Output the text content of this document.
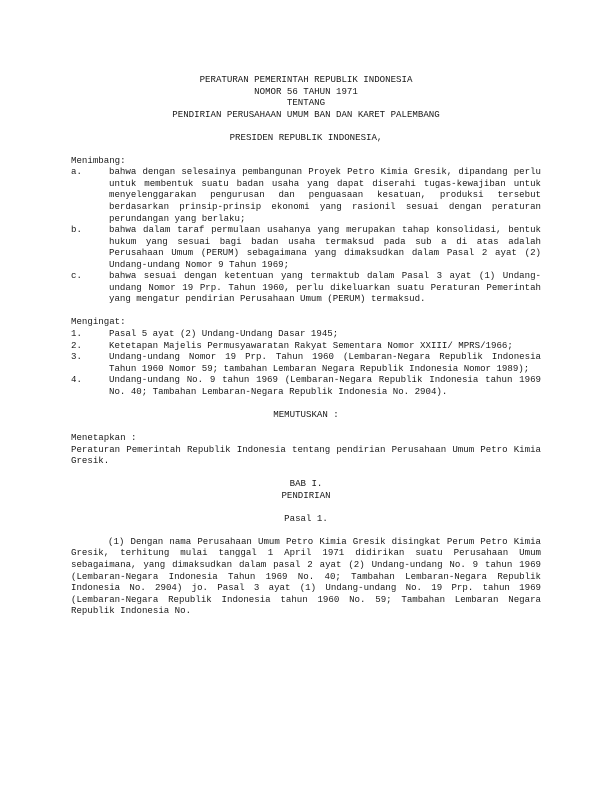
PERATURAN PEMERINTAH REPUBLIK INDONESIA
NOMOR 56 TAHUN 1971
TENTANG
PENDIRIAN PERUSAHAAN UMUM BAN DAN KARET PALEMBANG
PRESIDEN REPUBLIK INDONESIA,
Menimbang:
a.	bahwa dengan selesainya pembangunan Proyek Petro Kimia Gresik, dipandang perlu untuk membentuk suatu badan usaha yang dapat diserahi tugas-kewajiban untuk menyelenggarakan pengurusan dan penguasaan kesatuan, produksi tersebut berdasarkan prinsip-prinsip ekonomi yang rasionil sesuai dengan peraturan perundangan yang berlaku;
b.	bahwa dalam taraf permulaan usahanya yang merupakan tahap konsolidasi, bentuk hukum yang sesuai bagi badan usaha termaksud pada sub a di atas adalah Perusahaan Umum (PERUM) sebagaimana yang dimaksudkan dalam Pasal 2 ayat (2) Undang-undang Nomor 9 Tahun 1969;
c.	bahwa sesuai dengan ketentuan yang termaktub dalam Pasal 3 ayat (1) Undang-undang Nomor 19 Prp. Tahun 1960, perlu dikeluarkan suatu Peraturan Pemerintah yang mengatur pendirian Perusahaan Umum (PERUM) termaksud.
Mengingat:
1.	Pasal 5 ayat (2) Undang-Undang Dasar 1945;
2.	Ketetapan Majelis Permusyawaratan Rakyat Sementara Nomor XXIII/ MPRS/1966;
3.	Undang-undang Nomor 19 Prp. Tahun 1960 (Lembaran-Negara Republik Indonesia Tahun 1960 Nomor 59; tambahan Lembaran Negara Republik Indonesia Nomor 1989);
4.	Undang-undang No. 9 tahun 1969 (Lembaran-Negara Republik Indonesia tahun 1969 No. 40; Tambahan Lembaran-Negara Republik Indonesia No. 2904).
MEMUTUSKAN :
Menetapkan :
Peraturan Pemerintah Republik Indonesia tentang pendirian Perusahaan Umum Petro Kimia Gresik.
BAB I.
PENDIRIAN
Pasal 1.
(1) Dengan nama Perusahaan Umum Petro Kimia Gresik disingkat Perum Petro Kimia Gresik, terhitung mulai tanggal 1 April 1971 didirikan suatu Perusahaan Umum sebagaimana, yang dimaksudkan dalam pasal 2 ayat (2) Undang-undang No. 9 tahun 1969 (Lembaran-Negara Indonesia Tahun 1969 No. 40; Tambahan Lembaran-Negara Republik Indonesia No. 2904) jo. Pasal 3 ayat (1) Undang-undang No. 19 Prp. tahun 1969 (Lembaran-Negara Republik Indonesia tahun 1960 No. 59; Tambahan Lembaran Negara Republik Indonesia No.
